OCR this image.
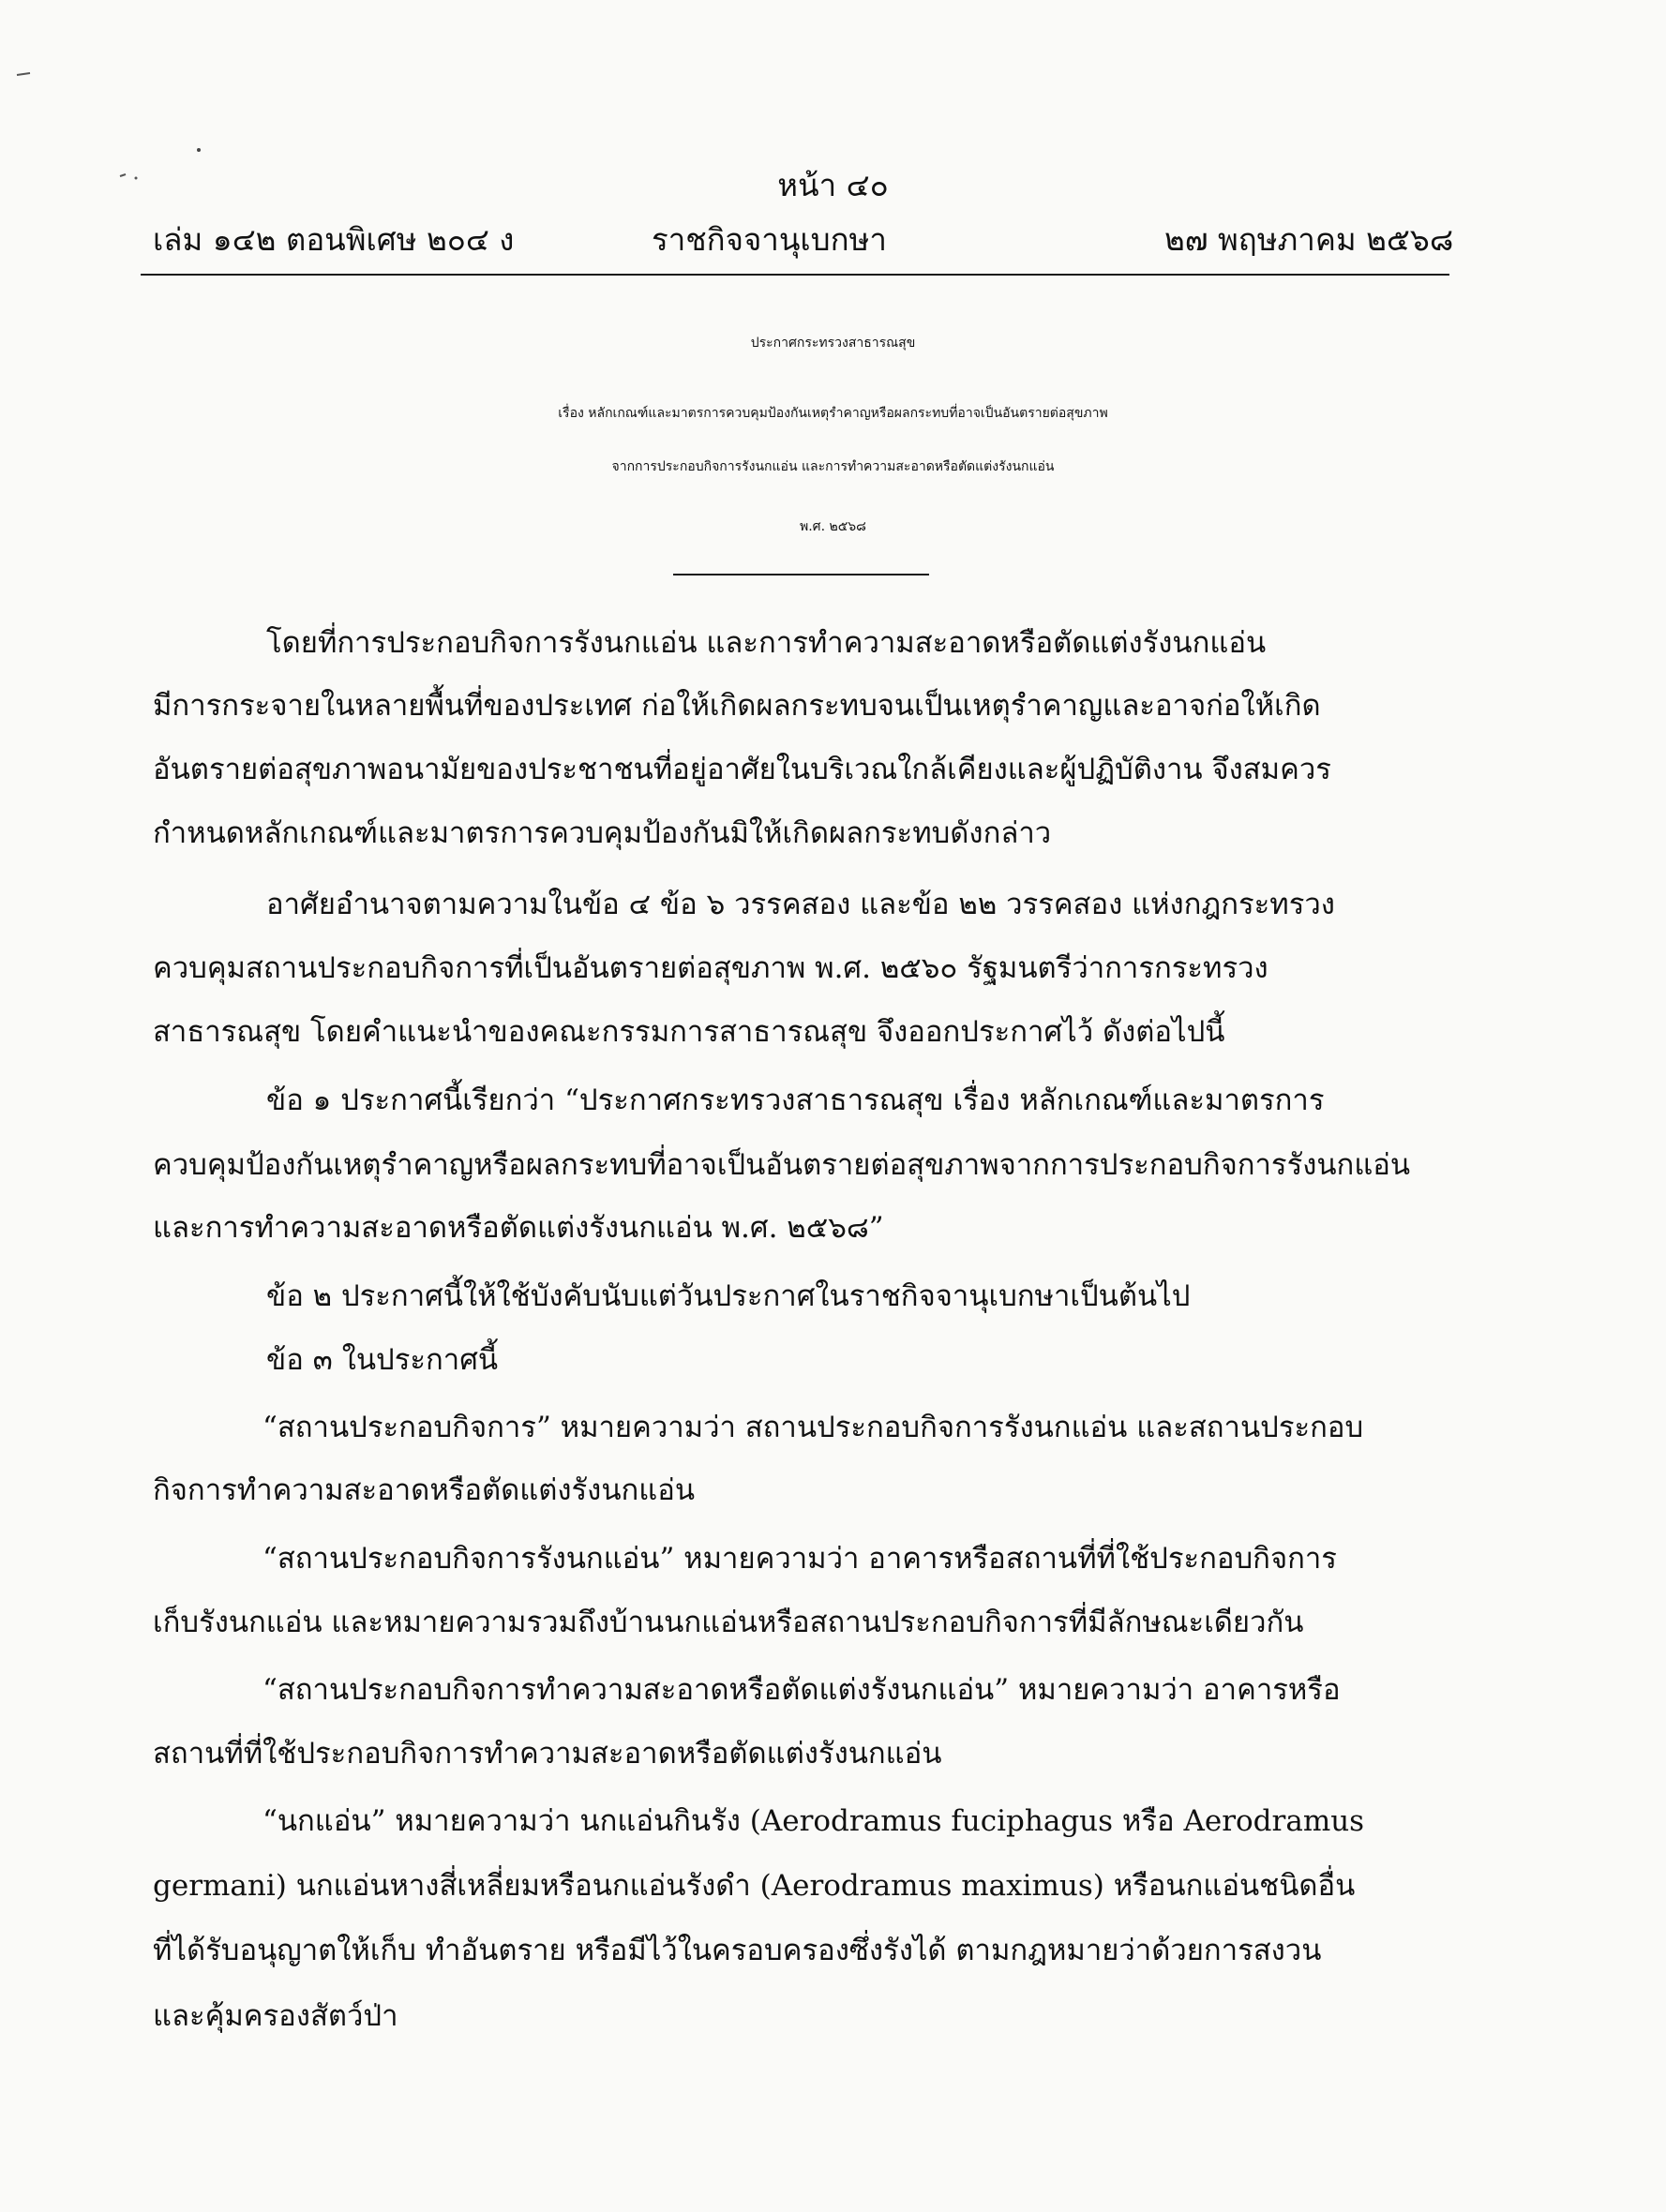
หน้า ๔๐
เล่ม ๑๔๒ ตอนพิเศษ ๒๐๔ ง	ราชกิจจานุเบกษา	๒๗ พฤษภาคม ๒๕๖๘
ประกาศกระทรวงสาธารณสุข
เรื่อง หลักเกณฑ์และมาตรการควบคุมป้องกันเหตุรำคาญหรือผลกระทบที่อาจเป็นอันตรายต่อสุขภาพ
จากการประกอบกิจการรังนกแอ่น และการทำความสะอาดหรือตัดแต่งรังนกแอ่น
พ.ศ. ๒๕๖๘
โดยที่การประกอบกิจการรังนกแอ่น และการทำความสะอาดหรือตัดแต่งรังนกแอ่น
มีการกระจายในหลายพื้นที่ของประเทศ ก่อให้เกิดผลกระทบจนเป็นเหตุรำคาญและอาจก่อให้เกิด
อันตรายต่อสุขภาพอนามัยของประชาชนที่อยู่อาศัยในบริเวณใกล้เคียงและผู้ปฏิบัติงาน จึงสมควร
กำหนดหลักเกณฑ์และมาตรการควบคุมป้องกันมิให้เกิดผลกระทบดังกล่าว
อาศัยอำนาจตามความในข้อ ๔ ข้อ ๖ วรรคสอง และข้อ ๒๒ วรรคสอง แห่งกฎกระทรวง
ควบคุมสถานประกอบกิจการที่เป็นอันตรายต่อสุขภาพ พ.ศ. ๒๕๖๐ รัฐมนตรีว่าการกระทรวง
สาธารณสุข โดยคำแนะนำของคณะกรรมการสาธารณสุข จึงออกประกาศไว้ ดังต่อไปนี้
ข้อ ๑ ประกาศนี้เรียกว่า “ประกาศกระทรวงสาธารณสุข เรื่อง หลักเกณฑ์และมาตรการ
ควบคุมป้องกันเหตุรำคาญหรือผลกระทบที่อาจเป็นอันตรายต่อสุขภาพจากการประกอบกิจการรังนกแอ่น
และการทำความสะอาดหรือตัดแต่งรังนกแอ่น พ.ศ. ๒๕๖๘”
ข้อ ๒ ประกาศนี้ให้ใช้บังคับนับแต่วันประกาศในราชกิจจานุเบกษาเป็นต้นไป
ข้อ ๓ ในประกาศนี้
“สถานประกอบกิจการ” หมายความว่า สถานประกอบกิจการรังนกแอ่น และสถานประกอบ
กิจการทำความสะอาดหรือตัดแต่งรังนกแอ่น
“สถานประกอบกิจการรังนกแอ่น” หมายความว่า อาคารหรือสถานที่ที่ใช้ประกอบกิจการ
เก็บรังนกแอ่น และหมายความรวมถึงบ้านนกแอ่นหรือสถานประกอบกิจการที่มีลักษณะเดียวกัน
“สถานประกอบกิจการทำความสะอาดหรือตัดแต่งรังนกแอ่น” หมายความว่า อาคารหรือ
สถานที่ที่ใช้ประกอบกิจการทำความสะอาดหรือตัดแต่งรังนกแอ่น
“นกแอ่น” หมายความว่า นกแอ่นกินรัง (Aerodramus fuciphagus หรือ Aerodramus
germani) นกแอ่นหางสี่เหลี่ยมหรือนกแอ่นรังดำ (Aerodramus maximus) หรือนกแอ่นชนิดอื่น
ที่ได้รับอนุญาตให้เก็บ ทำอันตราย หรือมีไว้ในครอบครองซึ่งรังได้ ตามกฎหมายว่าด้วยการสงวน
และคุ้มครองสัตว์ป่า
